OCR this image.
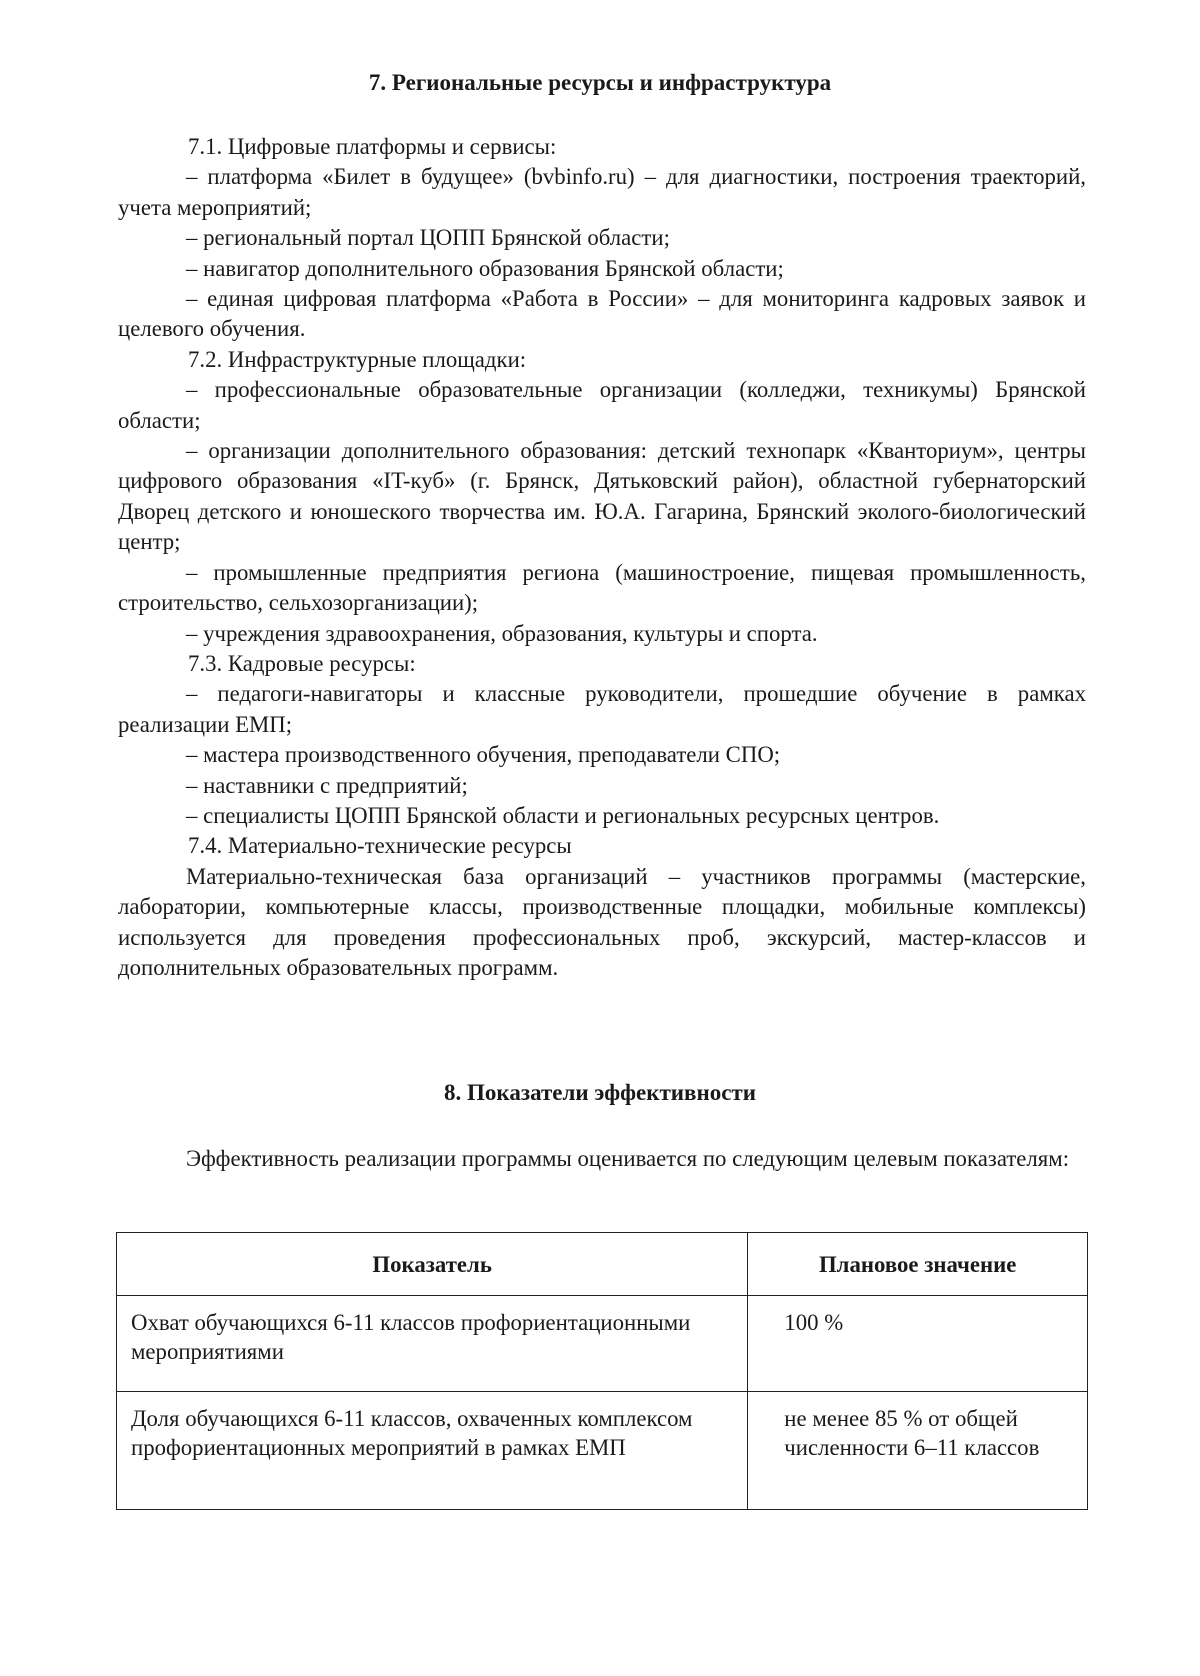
7. Региональные ресурсы и инфраструктура

7.1. Цифровые платформы и сервисы:

– платформа «Билет в будущее» (bvbinfo.ru) – для диагностики, построения траекторий, учета мероприятий;

– региональный портал ЦОПП Брянской области;

– навигатор дополнительного образования Брянской области;

– единая цифровая платформа «Работа в России» – для мониторинга кадровых заявок и целевого обучения.

7.2. Инфраструктурные площадки:

– профессиональные образовательные организации (колледжи, техникумы) Брянской области;

– организации дополнительного образования: детский технопарк «Кванториум», центры цифрового образования «IT-куб» (г. Брянск, Дятьковский район), областной губернаторский Дворец детского и юношеского творчества им. Ю.А. Гагарина, Брянский эколого-биологический центр;

– промышленные предприятия региона (машиностроение, пищевая промышленность, строительство, сельхозорганизации);

– учреждения здравоохранения, образования, культуры и спорта.

7.3. Кадровые ресурсы:

– педагоги-навигаторы и классные руководители, прошедшие обучение в рамках реализации ЕМП;

– мастера производственного обучения, преподаватели СПО;

– наставники с предприятий;

– специалисты ЦОПП Брянской области и региональных ресурсных центров.

7.4. Материально-технические ресурсы

Материально-техническая база организаций – участников программы (мастерские, лаборатории, компьютерные классы, производственные площадки, мобильные комплексы) используется для проведения профессиональных проб, экскурсий, мастер-классов и дополнительных образовательных программ.

8. Показатели эффективности

Эффективность реализации программы оценивается по следующим целевым показателям:

Показатель	Плановое значение
Охват обучающихся 6-11 классов профориентационными мероприятиями	100 %
Доля обучающихся 6-11 классов, охваченных комплексом профориентационных мероприятий в рамках ЕМП	не менее 85 % от общей численности 6–11 классов
